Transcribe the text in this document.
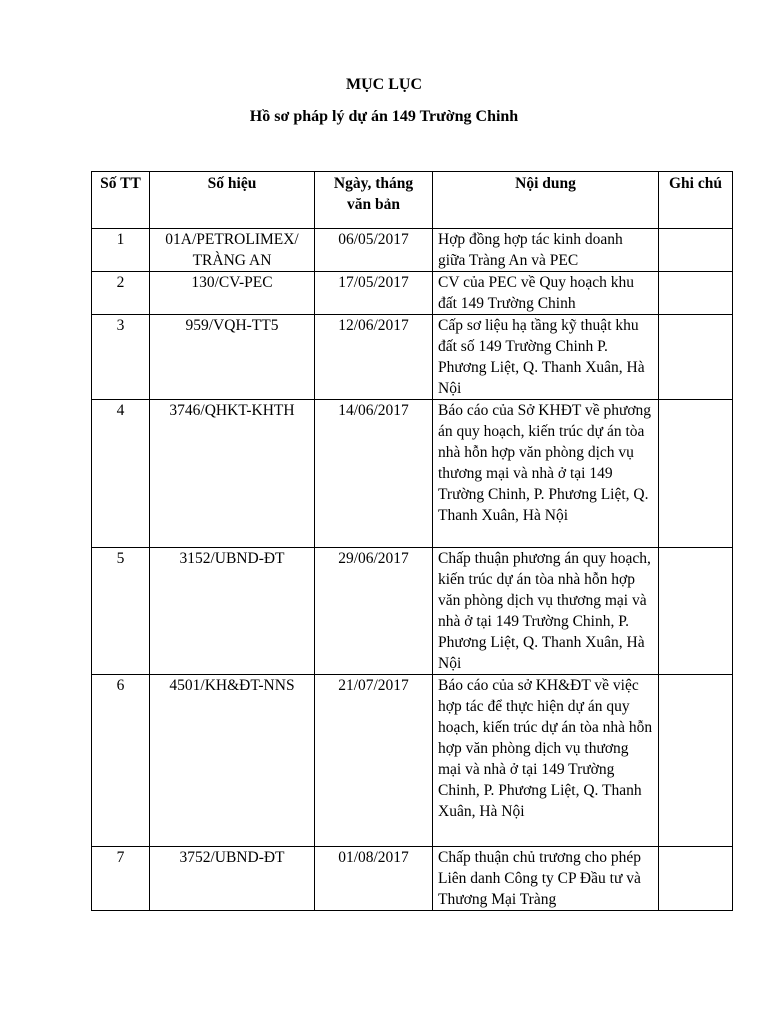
MỤC LỤC
Hồ sơ pháp lý dự án 149 Trường Chinh
Số TT	Số hiệu	Ngày, tháng văn bản	Nội dung	Ghi chú
1	01A/PETROLIMEX/ TRÀNG AN	06/05/2017	Hợp đồng hợp tác kinh doanh giữa Tràng An và PEC	
2	130/CV-PEC	17/05/2017	CV của PEC về Quy hoạch khu đất 149 Trường Chinh	
3	959/VQH-TT5	12/06/2017	Cấp sơ liệu hạ tầng kỹ thuật khu đất số 149 Trường Chinh P. Phương Liệt, Q. Thanh Xuân, Hà Nội	
4	3746/QHKT-KHTH	14/06/2017	Báo cáo của Sở KHĐT về phương án quy hoạch, kiến trúc dự án tòa nhà hỗn hợp văn phòng dịch vụ thương mại và nhà ở tại 149 Trường Chinh, P. Phương Liệt, Q. Thanh Xuân, Hà Nội	
5	3152/UBND-ĐT	29/06/2017	Chấp thuận phương án quy hoạch, kiến trúc dự án tòa nhà hỗn hợp văn phòng dịch vụ thương mại và nhà ở tại 149 Trường Chinh, P. Phương Liệt, Q. Thanh Xuân, Hà Nội	
6	4501/KH&ĐT-NNS	21/07/2017	Báo cáo của sở KH&ĐT về việc hợp tác để thực hiện dự án quy hoạch, kiến trúc dự án tòa nhà hỗn hợp văn phòng dịch vụ thương mại và nhà ở tại 149 Trường Chinh, P. Phương Liệt, Q. Thanh Xuân, Hà Nội	
7	3752/UBND-ĐT	01/08/2017	Chấp thuận chủ trương cho phép Liên danh Công ty CP Đầu tư và Thương Mại Tràng	
